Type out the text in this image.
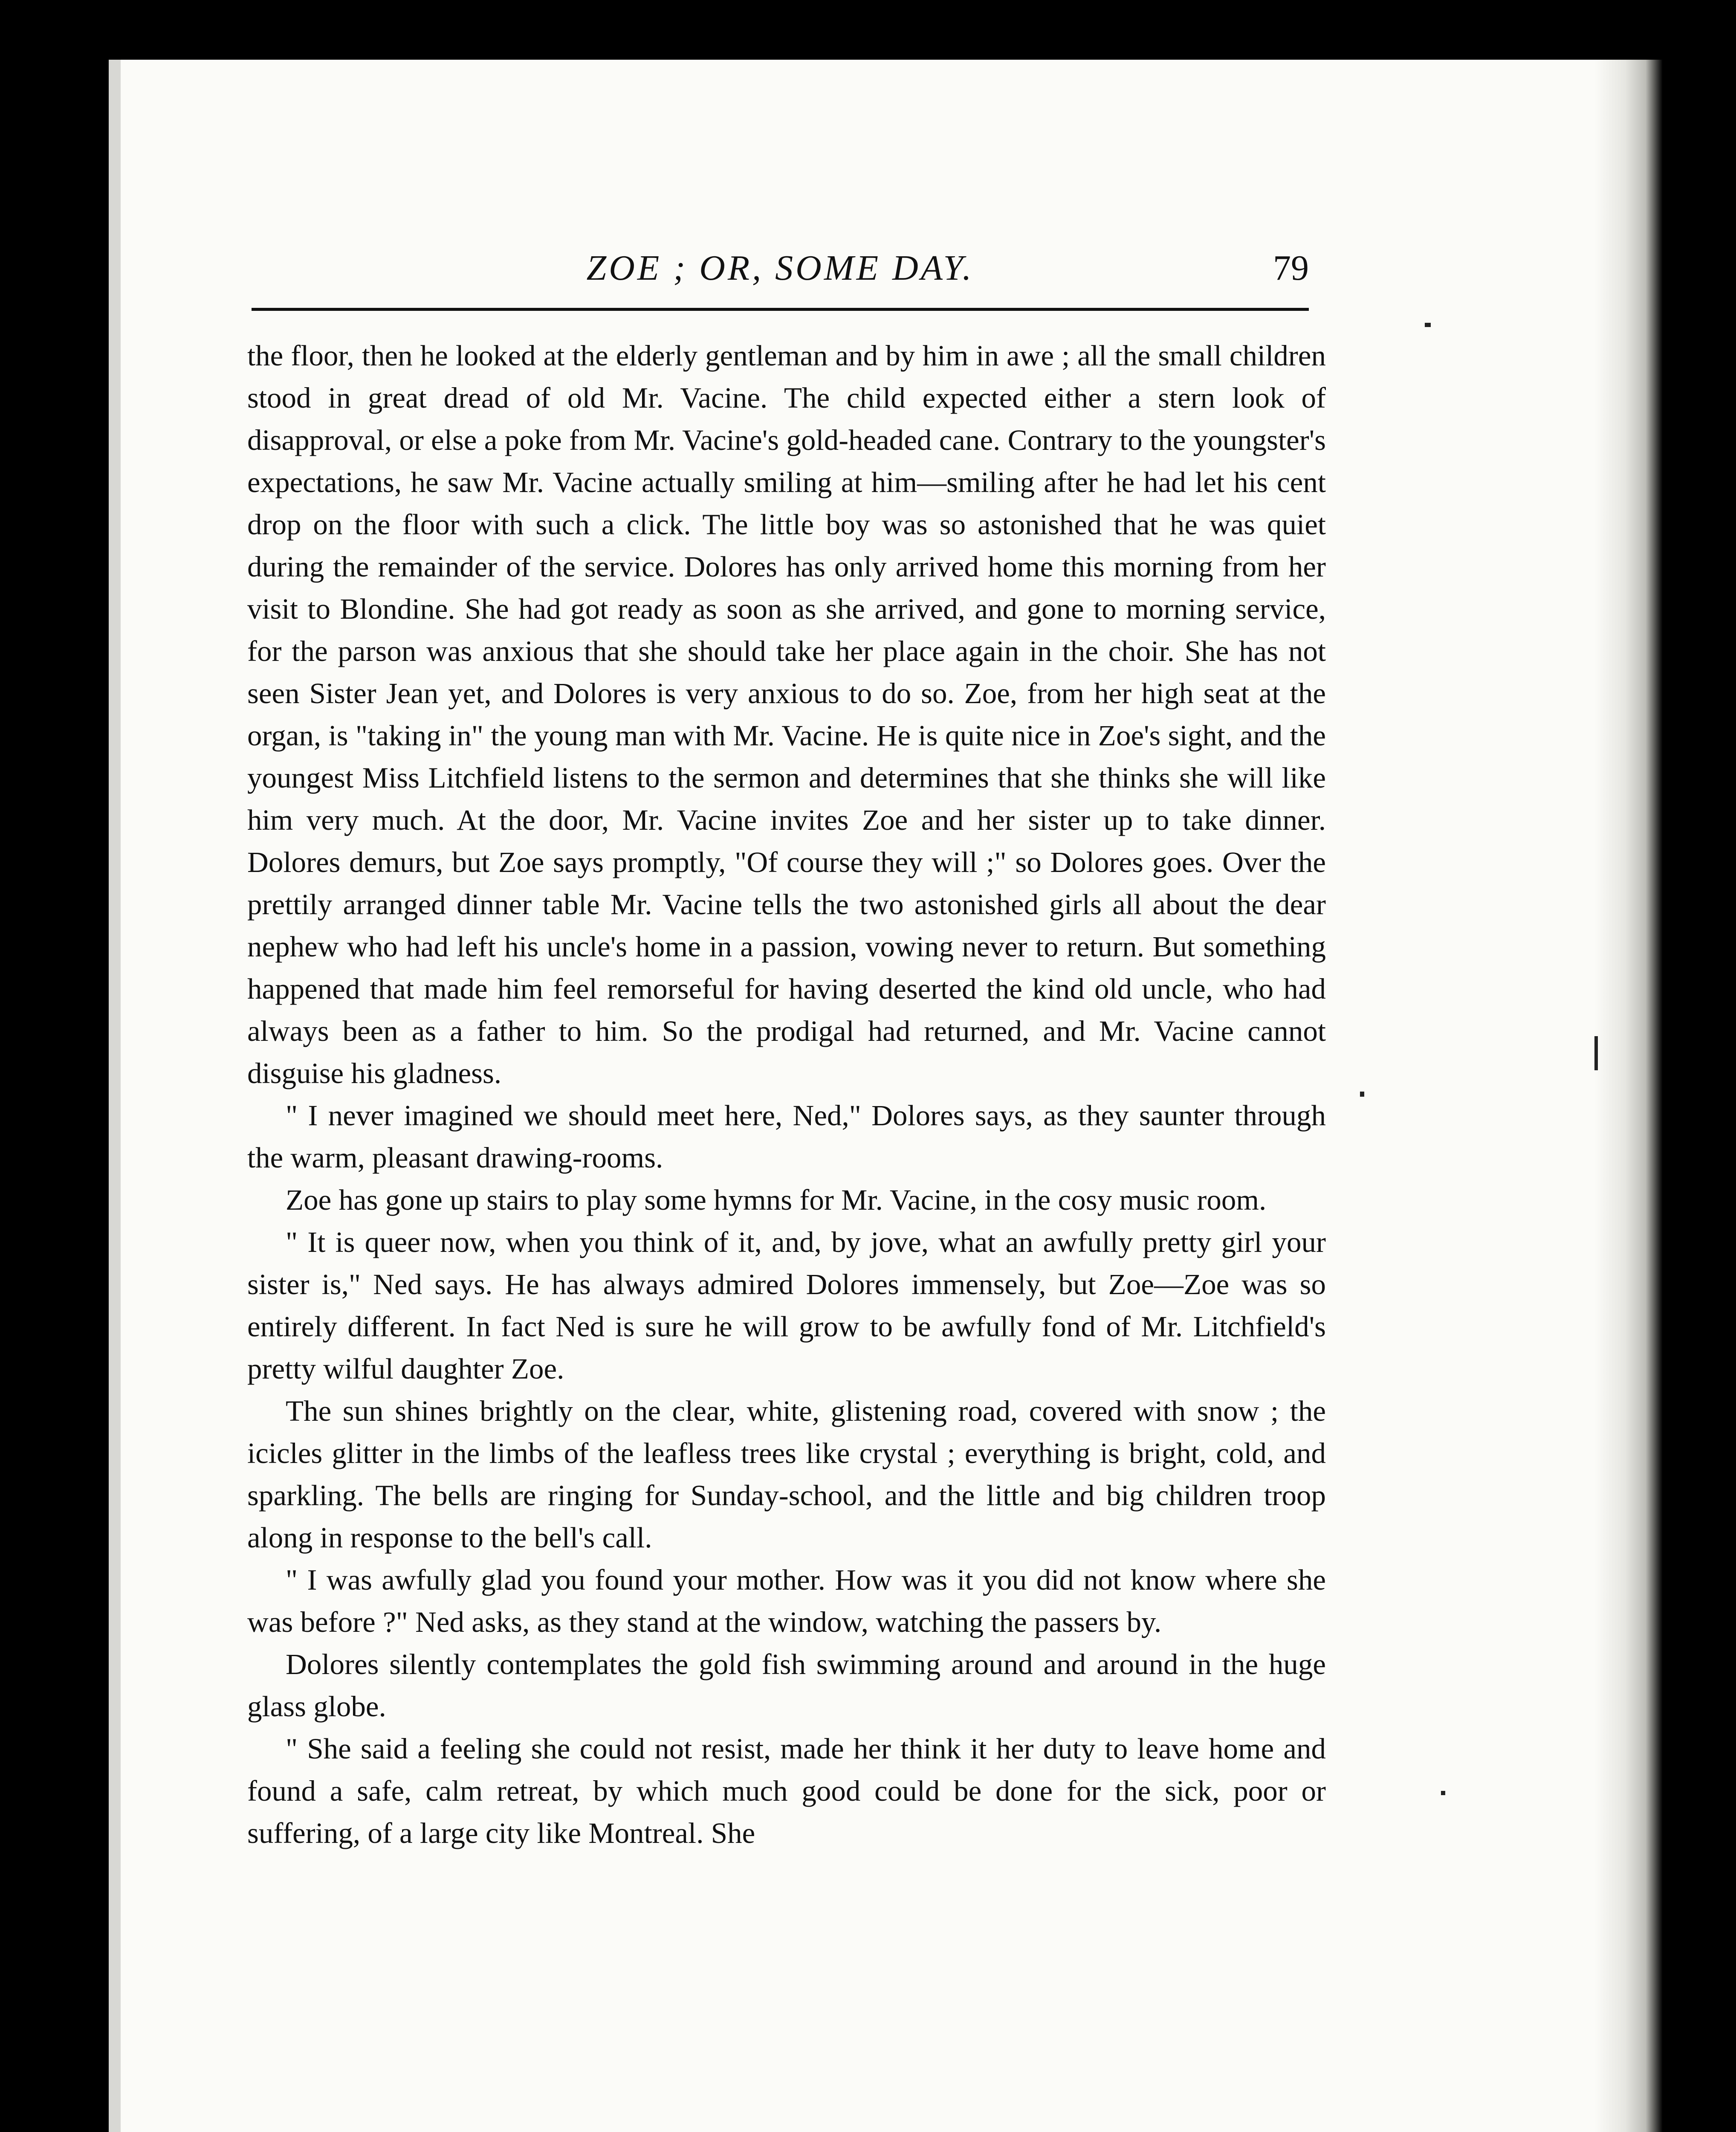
ZOE ; OR, SOME DAY.	79

the floor, then he looked at the elderly gentleman and by him in awe ; all the small children stood in great dread of old Mr. Vacine. The child expected either a stern look of disapproval, or else a poke from Mr. Vacine's gold-headed cane. Contrary to the youngster's expectations, he saw Mr. Vacine actually smiling at him—smiling after he had let his cent drop on the floor with such a click. The little boy was so astonished that he was quiet during the remainder of the service. Dolores has only arrived home this morning from her visit to Blondine. She had got ready as soon as she arrived, and gone to morning service, for the parson was anxious that she should take her place again in the choir. She has not seen Sister Jean yet, and Dolores is very anxious to do so. Zoe, from her high seat at the organ, is "taking in" the young man with Mr. Vacine. He is quite nice in Zoe's sight, and the youngest Miss Litchfield listens to the sermon and determines that she thinks she will like him very much. At the door, Mr. Vacine invites Zoe and her sister up to take dinner. Dolores demurs, but Zoe says promptly, "Of course they will ;" so Dolores goes. Over the prettily arranged dinner table Mr. Vacine tells the two astonished girls all about the dear nephew who had left his uncle's home in a passion, vowing never to return. But something happened that made him feel remorseful for having deserted the kind old uncle, who had always been as a father to him. So the prodigal had returned, and Mr. Vacine cannot disguise his gladness.

" I never imagined we should meet here, Ned," Dolores says, as they saunter through the warm, pleasant drawing-rooms.

Zoe has gone up stairs to play some hymns for Mr. Vacine, in the cosy music room.

" It is queer now, when you think of it, and, by jove, what an awfully pretty girl your sister is," Ned says. He has always admired Dolores immensely, but Zoe—Zoe was so entirely different. In fact Ned is sure he will grow to be awfully fond of Mr. Litchfield's pretty wilful daughter Zoe.

The sun shines brightly on the clear, white, glistening road, covered with snow ; the icicles glitter in the limbs of the leafless trees like crystal ; everything is bright, cold, and sparkling. The bells are ringing for Sunday-school, and the little and big children troop along in response to the bell's call.

" I was awfully glad you found your mother. How was it you did not know where she was before ?" Ned asks, as they stand at the window, watching the passers by.

Dolores silently contemplates the gold fish swimming around and around in the huge glass globe.

" She said a feeling she could not resist, made her think it her duty to leave home and found a safe, calm retreat, by which much good could be done for the sick, poor or suffering, of a large city like Montreal. She
